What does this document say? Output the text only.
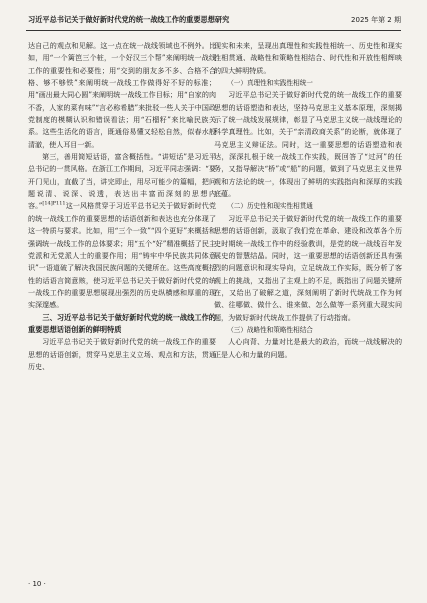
习近平总书记关于做好新时代党的统一战线工作的重要思想研究	2025 年第 2 期

达自己的观点和见解。这一点在统一战线领域也不例外。比如，用“一个篱笆三个桩，一个好汉三个帮”来阐明统一战线工作的重要性和必要性；用“交到的朋友多不多、合格不合格、够不够铁”来阐明统一战线工作做得好不好的标准；用“画出最大同心圆”来阐明统一战线工作目标；用“自家的肉不香，人家的菜有味”“言必称希腊”来批驳一些人关于中国政党制度的模糊认识和错误看法；用“石榴籽”来比喻民族关系。这些生活化的语言，既通俗易懂又轻松自然，似春水般清澈，使人耳目一新。

第三，善用简短话语，富含概括性。“讲短话”是习近平总书记的一贯风格。在浙江工作期间，习近平同志强调：“要开门见山，直截了当，讲完即止，用尽可能少的篇幅，把问题说清、说深、说透，表达出丰富而深刻的思想内容。”$^{[14]P111}$这一风格贯穿于习近平总书记关于做好新时代党的统一战线工作的重要思想的话语创新和表达也充分体现了这一特质与要求。比如，用“三个一致”“四个更好”来概括和强调统一战线工作的总体要求；用“五个“好”精准概括了民主党派和无党派人士的重要作用；用“铸牢中华民族共同体意识”一语道破了解决我国民族问题的关键所在。这些高度概括性的话语言简意赅，使习近平总书记关于做好新时代党的统一战线工作的重要思想展现出强烈的历史纵横感和厚重的现实深邃感。

三、习近平总书记关于做好新时代党的统一战线工作的重要思想话语创新的鲜明特质

习近平总书记关于做好新时代党的统一战线工作的重要思想的话语创新，贯穿马克思主义立场、观点和方法，贯通历史、

现实和未来，呈现出真理性和实践性相统一、历史性和现实性相贯通、战略性和策略性相结合、时代性和开放性相辉映的四大鲜明特质。

（一）真理性和实践性相统一

习近平总书记关于做好新时代党的统一战线工作的重要思想的话语塑造和表达，坚持马克思主义基本原理，深刻揭示了统一战线发展规律，彰显了马克思主义统一战线理论的科学真理性。比如，关于“亲清政商关系”的论断，就体现了马克思主义辩证法。同时，这一重要思想的话语塑造和表达，深深扎根于统一战线工作实践，既回答了“过河”的任务，又指导解决“桥”或“船”的问题，做到了马克思主义世界观和方法论的统一，体现出了鲜明的实践指向和深厚的实践底蕴。

（二）历史性和现实性相贯通

习近平总书记关于做好新时代党的统一战线工作的重要思想的话语创新，汲取了我们党在革命、建设和改革各个历史时期统一战线工作中的经验教训，是党的统一战线百年发展史的智慧结晶。同时，这一重要思想的话语创新还具有强烈的问题意识和现实导向，立足统战工作实际，既分析了客观上的挑战，又指出了主观上的不足，既指出了问题关键所在，又给出了破解之道，深刻阐明了新时代统战工作为何做、往哪做、做什么、谁来做、怎么做等一系列重大现实问题，为做好新时代统战工作提供了行动指南。

（三）战略性和策略性相结合

人心向背、力量对比是最大的政治，而统一战线解决的正是人心和力量的问题。

· 10 ·
